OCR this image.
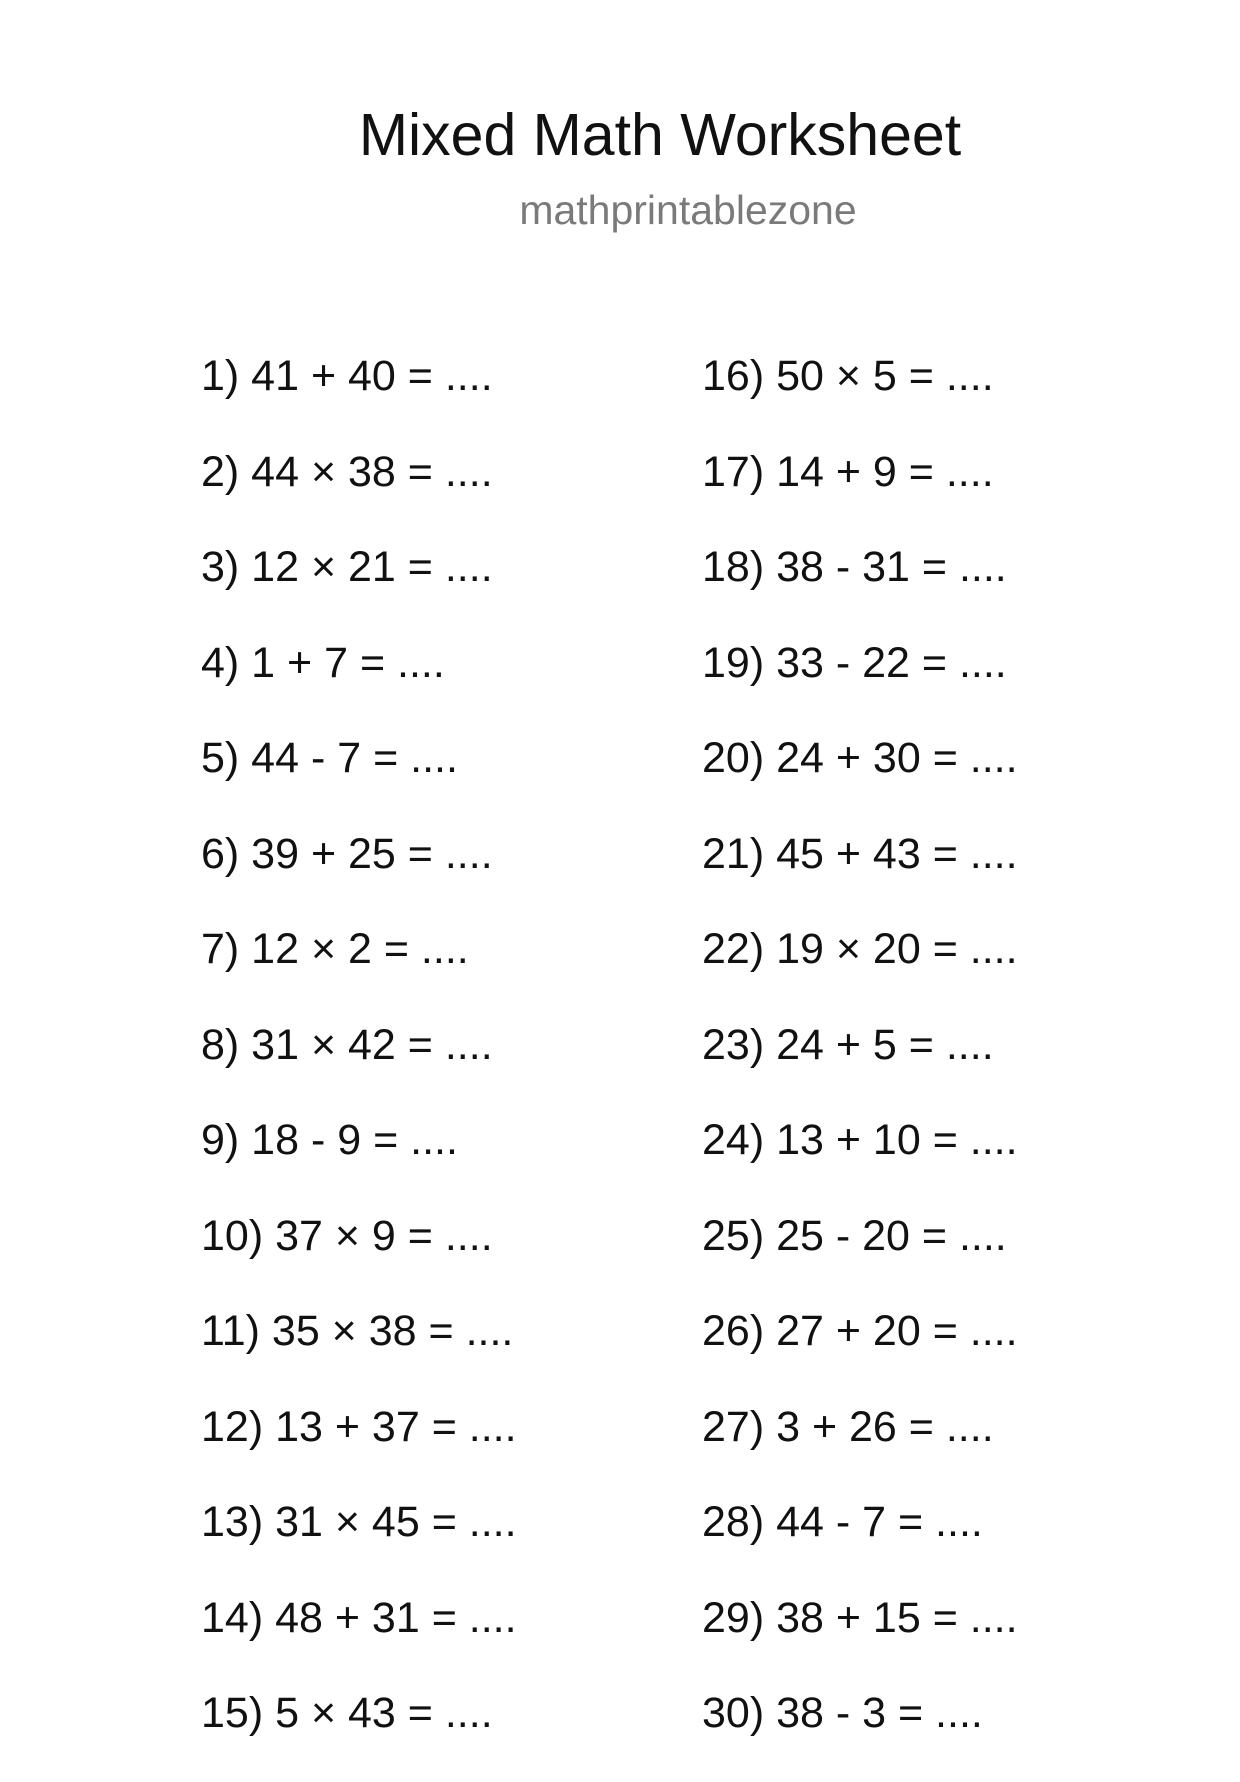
Mixed Math Worksheet
mathprintablezone
1) 41 + 40 = ....
2) 44 × 38 = ....
3) 12 × 21 = ....
4) 1 + 7 = ....
5) 44 - 7 = ....
6) 39 + 25 = ....
7) 12 × 2 = ....
8) 31 × 42 = ....
9) 18 - 9 = ....
10) 37 × 9 = ....
11) 35 × 38 = ....
12) 13 + 37 = ....
13) 31 × 45 = ....
14) 48 + 31 = ....
15) 5 × 43 = ....
16) 50 × 5 = ....
17) 14 + 9 = ....
18) 38 - 31 = ....
19) 33 - 22 = ....
20) 24 + 30 = ....
21) 45 + 43 = ....
22) 19 × 20 = ....
23) 24 + 5 = ....
24) 13 + 10 = ....
25) 25 - 20 = ....
26) 27 + 20 = ....
27) 3 + 26 = ....
28) 44 - 7 = ....
29) 38 + 15 = ....
30) 38 - 3 = ....
